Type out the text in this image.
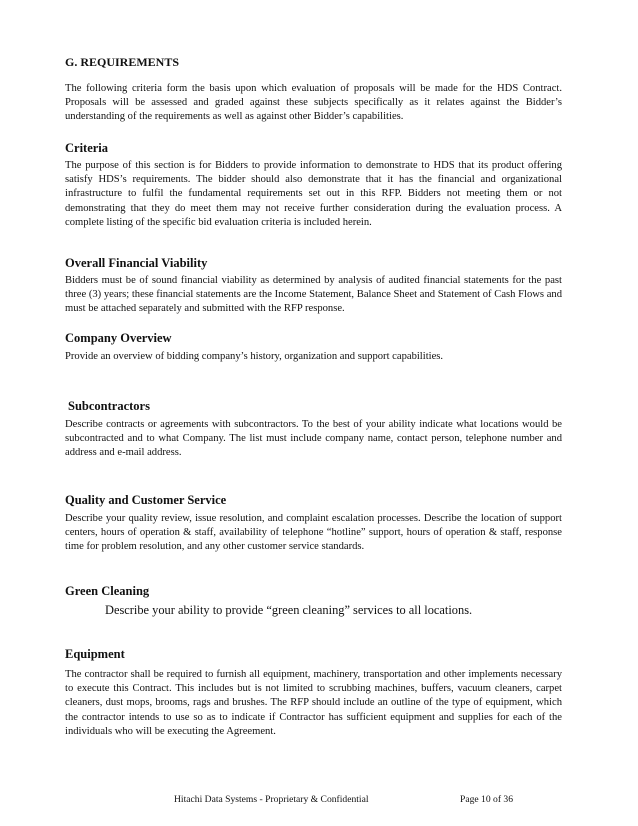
G. REQUIREMENTS

The following criteria form the basis upon which evaluation of proposals will be made for the HDS Contract. Proposals will be assessed and graded against these subjects specifically as it relates against the Bidder’s understanding of the requirements as well as against other Bidder’s capabilities.

Criteria

The purpose of this section is for Bidders to provide information to demonstrate to HDS that its product offering satisfy HDS’s requirements. The bidder should also demonstrate that it has the financial and organizational infrastructure to fulfil the fundamental requirements set out in this RFP. Bidders not meeting them or not demonstrating that they do meet them may not receive further consideration during the evaluation process. A complete listing of the specific bid evaluation criteria is included herein.

Overall Financial Viability

Bidders must be of sound financial viability as determined by analysis of audited financial statements for the past three (3) years; these financial statements are the Income Statement, Balance Sheet and Statement of Cash Flows and must be attached separately and submitted with the RFP response.

Company Overview

Provide an overview of bidding company’s history, organization and support capabilities.

Subcontractors

Describe contracts or agreements with subcontractors. To the best of your ability indicate what locations would be subcontracted and to what Company. The list must include company name, contact person, telephone number and address and e-mail address.

Quality and Customer Service

Describe your quality review, issue resolution, and complaint escalation processes. Describe the location of support centers, hours of operation & staff, availability of telephone “hotline” support, hours of operation & staff, response time for problem resolution, and any other customer service standards.

Green Cleaning

Describe your ability to provide “green cleaning” services to all locations.

Equipment

The contractor shall be required to furnish all equipment, machinery, transportation and other implements necessary to execute this Contract. This includes but is not limited to scrubbing machines, buffers, vacuum cleaners, carpet cleaners, dust mops, brooms, rags and brushes. The RFP should include an outline of the type of equipment, which the contractor intends to use so as to indicate if Contractor has sufficient equipment and supplies for each of the individuals who will be executing the Agreement.

Hitachi Data Systems - Proprietary & Confidential	Page 10 of 36
